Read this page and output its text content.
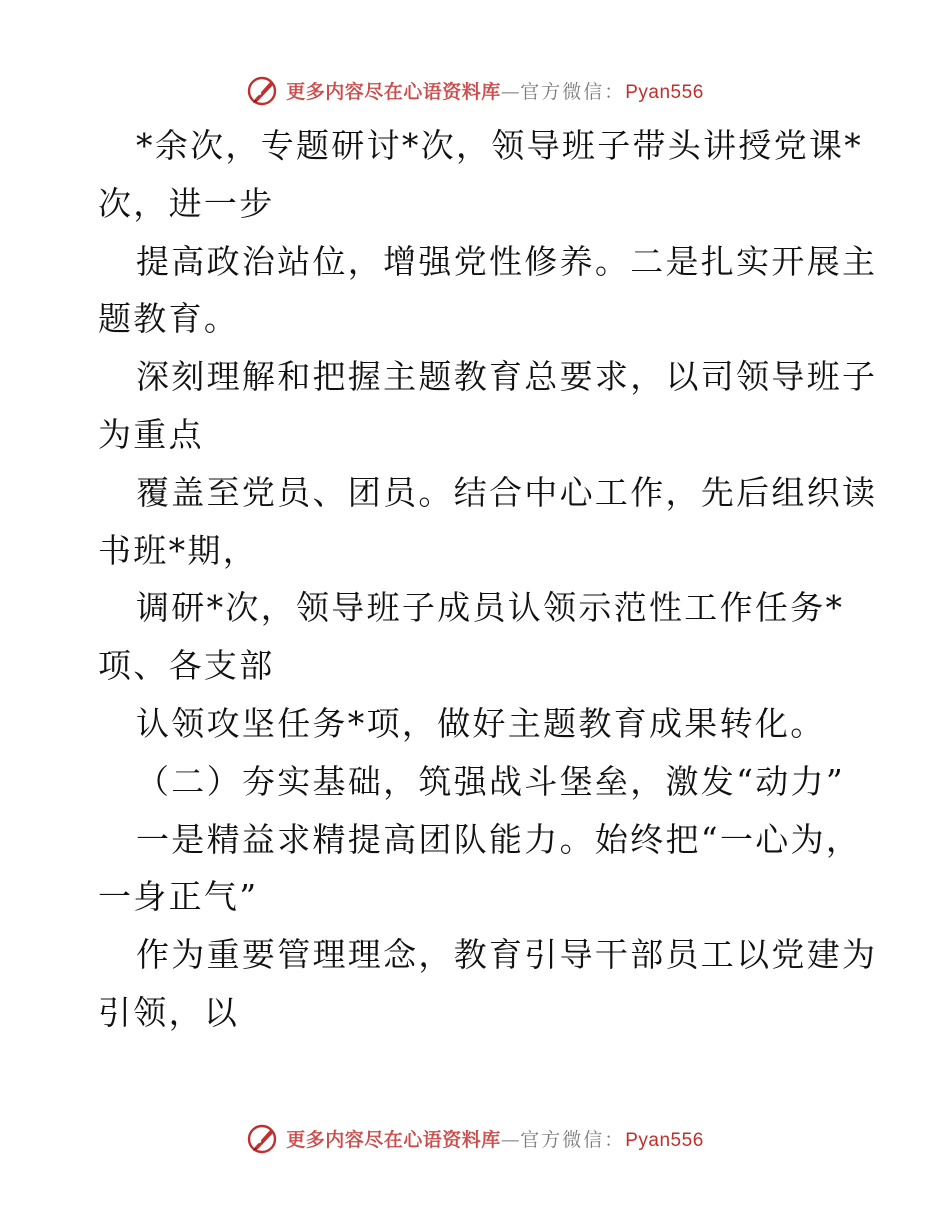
更多内容尽在心语资料库—官方微信：Pyan556
*余次，专题研讨*次，领导班子带头讲授党课*
次，进一步
提高政治站位，增强党性修养。二是扎实开展主
题教育。
深刻理解和把握主题教育总要求，以司领导班子
为重点
覆盖至党员、团员。结合中心工作，先后组织读
书班*期，
调研*次，领导班子成员认领示范性工作任务*
项、各支部
认领攻坚任务*项，做好主题教育成果转化。
（二）夯实基础，筑强战斗堡垒，激发“动力”
一是精益求精提高团队能力。始终把“一心为，
一身正气”
作为重要管理理念，教育引导干部员工以党建为
引领，以
更多内容尽在心语资料库—官方微信：Pyan556
